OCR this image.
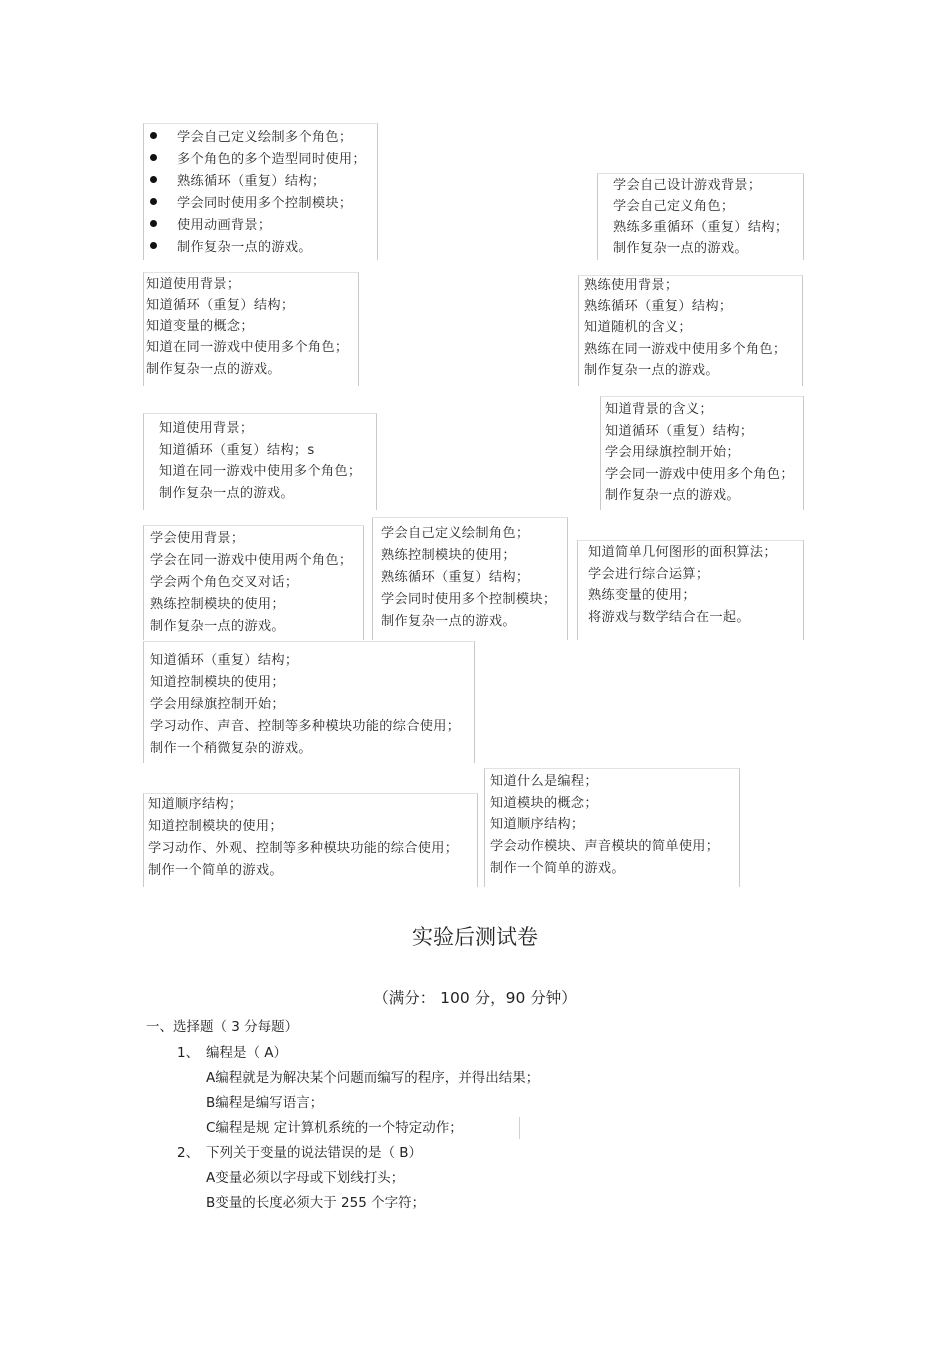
学会自己定义绘制多个角色；
多个角色的多个造型同时使用；
熟练循环（重复）结构；
学会同时使用多个控制模块；
使用动画背景；
制作复杂一点的游戏。
学会自己设计游戏背景；
学会自己定义角色；
熟练多重循环（重复）结构；
制作复杂一点的游戏。
知道使用背景；
知道循环（重复）结构；
知道变量的概念；
知道在同一游戏中使用多个角色；
制作复杂一点的游戏。
熟练使用背景；
熟练循环（重复）结构；
知道随机的含义；
熟练在同一游戏中使用多个角色；
制作复杂一点的游戏。
知道使用背景；
知道循环（重复）结构；s
知道在同一游戏中使用多个角色；
制作复杂一点的游戏。
知道背景的含义；
知道循环（重复）结构；
学会用绿旗控制开始；
学会同一游戏中使用多个角色；
制作复杂一点的游戏。
学会使用背景；
学会在同一游戏中使用两个角色；
学会两个角色交叉对话；
熟练控制模块的使用；
制作复杂一点的游戏。
学会自己定义绘制角色；
熟练控制模块的使用；
熟练循环（重复）结构；
学会同时使用多个控制模块；
制作复杂一点的游戏。
知道简单几何图形的面积算法；
学会进行综合运算；
熟练变量的使用；
将游戏与数学结合在一起。
知道循环（重复）结构；
知道控制模块的使用；
学会用绿旗控制开始；
学习动作、声音、控制等多种模块功能的综合使用；
制作一个稍微复杂的游戏。
知道什么是编程；
知道模块的概念；
知道顺序结构；
学会动作模块、声音模块的简单使用；
制作一个简单的游戏。
知道顺序结构；
知道控制模块的使用；
学习动作、外观、控制等多种模块功能的综合使用；
制作一个简单的游戏。
实验后测试卷
（满分： 100 分，90 分钟）
一、选择题（ 3 分每题）
1、 编程是（ A）
A编程就是为解决某个问题而编写的程序，并得出结果；
B编程是编写语言；
C编程是规 定计算机系统的一个特定动作；
2、 下列关于变量的说法错误的是（ B）
A变量必须以字母或下划线打头；
B变量的长度必须大于 255 个字符；
